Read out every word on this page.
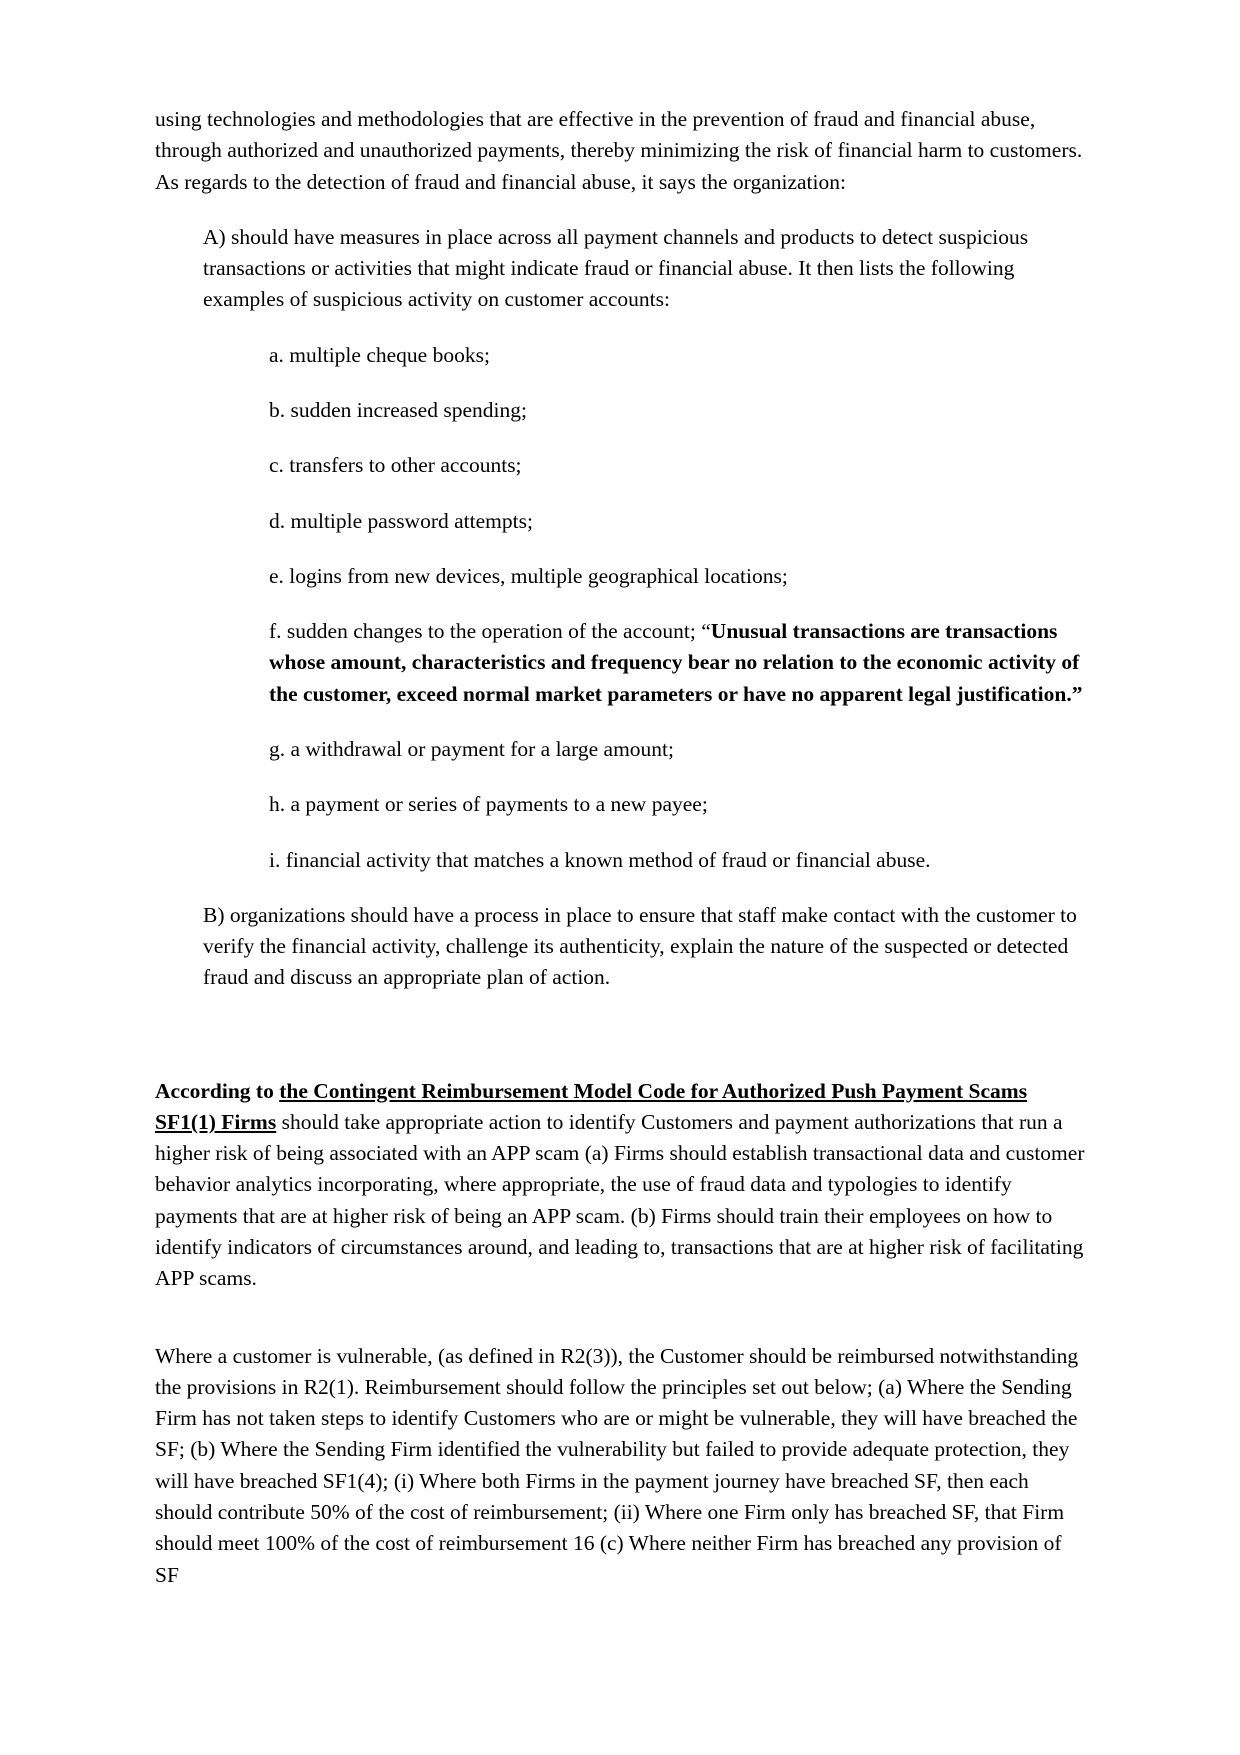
using technologies and methodologies that are effective in the prevention of fraud and financial abuse, through authorized and unauthorized payments, thereby minimizing the risk of financial harm to customers. As regards to the detection of fraud and financial abuse, it says the organization:

A) should have measures in place across all payment channels and products to detect suspicious transactions or activities that might indicate fraud or financial abuse. It then lists the following examples of suspicious activity on customer accounts:

a. multiple cheque books;

b. sudden increased spending;

c. transfers to other accounts;

d. multiple password attempts;

e. logins from new devices, multiple geographical locations;

f. sudden changes to the operation of the account; “Unusual transactions are transactions whose amount, characteristics and frequency bear no relation to the economic activity of the customer, exceed normal market parameters or have no apparent legal justification.”

g. a withdrawal or payment for a large amount;

h. a payment or series of payments to a new payee;

i. financial activity that matches a known method of fraud or financial abuse.

B) organizations should have a process in place to ensure that staff make contact with the customer to verify the financial activity, challenge its authenticity, explain the nature of the suspected or detected fraud and discuss an appropriate plan of action.

According to the Contingent Reimbursement Model Code for Authorized Push Payment Scams SF1(1) Firms should take appropriate action to identify Customers and payment authorizations that run a higher risk of being associated with an APP scam (a) Firms should establish transactional data and customer behavior analytics incorporating, where appropriate, the use of fraud data and typologies to identify payments that are at higher risk of being an APP scam. (b) Firms should train their employees on how to identify indicators of circumstances around, and leading to, transactions that are at higher risk of facilitating APP scams.

Where a customer is vulnerable, (as defined in R2(3)), the Customer should be reimbursed notwithstanding the provisions in R2(1). Reimbursement should follow the principles set out below; (a) Where the Sending Firm has not taken steps to identify Customers who are or might be vulnerable, they will have breached the SF; (b) Where the Sending Firm identified the vulnerability but failed to provide adequate protection, they will have breached SF1(4); (i) Where both Firms in the payment journey have breached SF, then each should contribute 50% of the cost of reimbursement; (ii) Where one Firm only has breached SF, that Firm should meet 100% of the cost of reimbursement 16 (c) Where neither Firm has breached any provision of SF
